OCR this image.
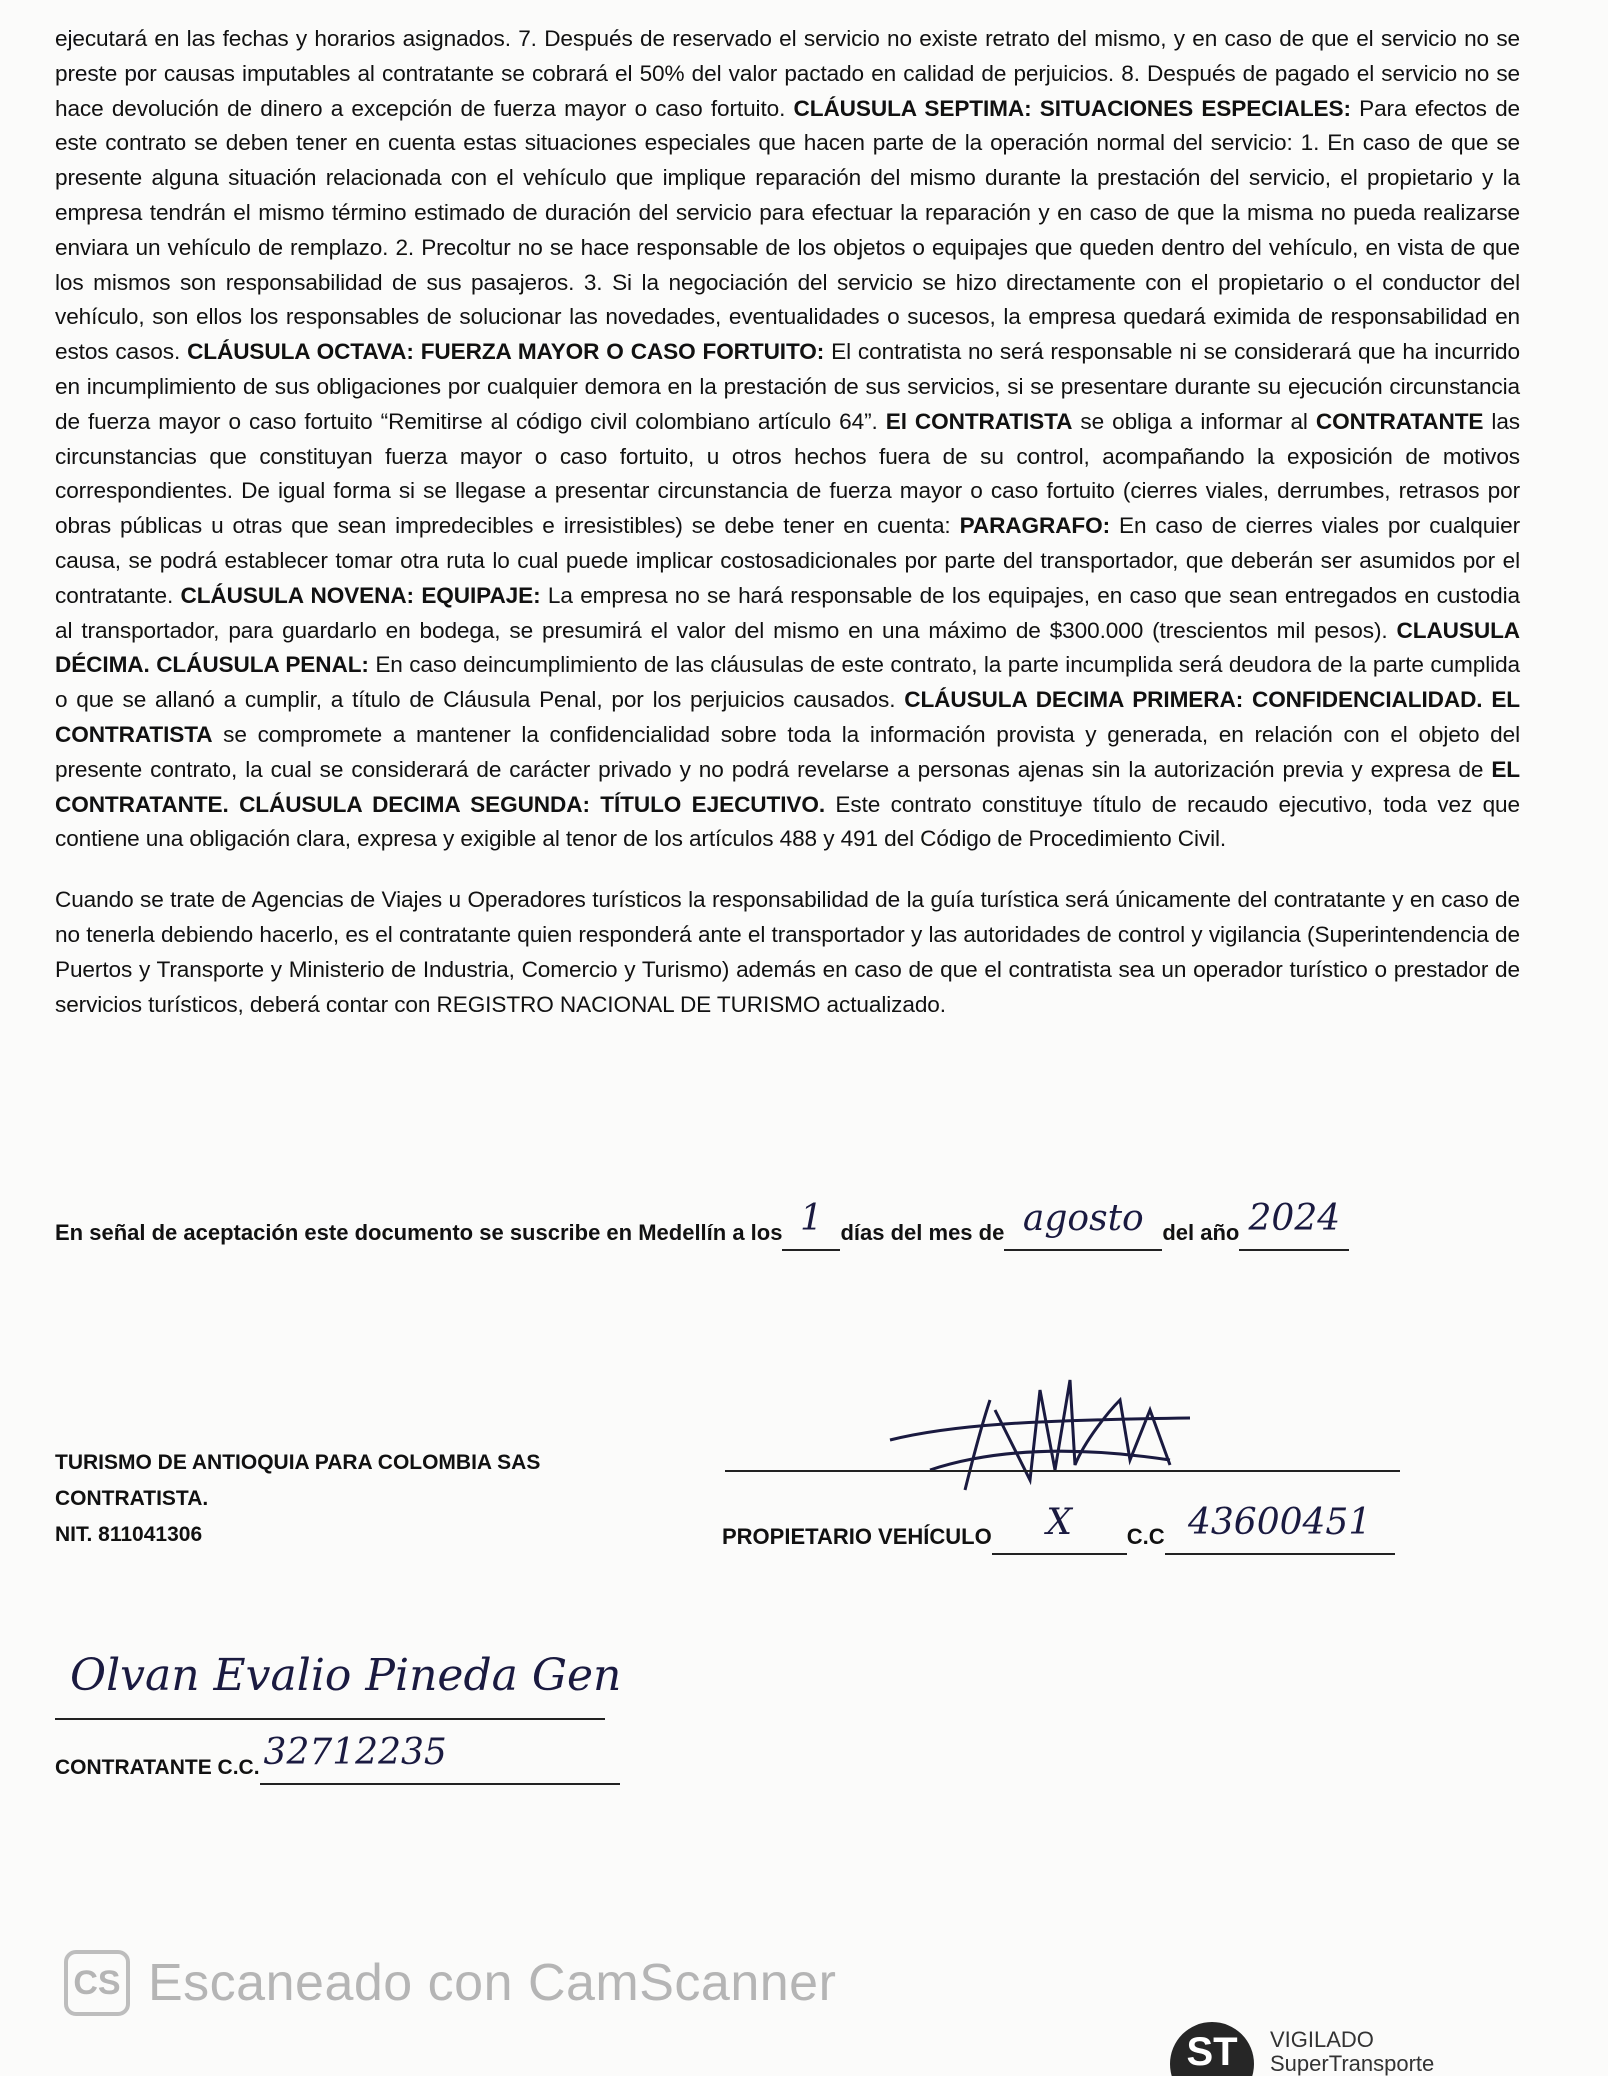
ejecutará en las fechas y horarios asignados. 7. Después de reservado el servicio no existe retrato del mismo, y en caso de que el servicio no se preste por causas imputables al contratante se cobrará el 50% del valor pactado en calidad de perjuicios. 8. Después de pagado el servicio no se hace devolución de dinero a excepción de fuerza mayor o caso fortuito. CLÁUSULA SEPTIMA: SITUACIONES ESPECIALES: Para efectos de este contrato se deben tener en cuenta estas situaciones especiales que hacen parte de la operación normal del servicio: 1. En caso de que se presente alguna situación relacionada con el vehículo que implique reparación del mismo durante la prestación del servicio, el propietario y la empresa tendrán el mismo término estimado de duración del servicio para efectuar la reparación y en caso de que la misma no pueda realizarse enviara un vehículo de remplazo. 2. Precoltur no se hace responsable de los objetos o equipajes que queden dentro del vehículo, en vista de que los mismos son responsabilidad de sus pasajeros. 3. Si la negociación del servicio se hizo directamente con el propietario o el conductor del vehículo, son ellos los responsables de solucionar las novedades, eventualidades o sucesos, la empresa quedará eximida de responsabilidad en estos casos. CLÁUSULA OCTAVA: FUERZA MAYOR O CASO FORTUITO: El contratista no será responsable ni se considerará que ha incurrido en incumplimiento de sus obligaciones por cualquier demora en la prestación de sus servicios, si se presentare durante su ejecución circunstancia de fuerza mayor o caso fortuito “Remitirse al código civil colombiano artículo 64”. El CONTRATISTA se obliga a informar al CONTRATANTE las circunstancias que constituyan fuerza mayor o caso fortuito, u otros hechos fuera de su control, acompañando la exposición de motivos correspondientes. De igual forma si se llegase a presentar circunstancia de fuerza mayor o caso fortuito (cierres viales, derrumbes, retrasos por obras públicas u otras que sean impredecibles e irresistibles) se debe tener en cuenta: PARAGRAFO: En caso de cierres viales por cualquier causa, se podrá establecer tomar otra ruta lo cual puede implicar costosadicionales por parte del transportador, que deberán ser asumidos por el contratante. CLÁUSULA NOVENA: EQUIPAJE: La empresa no se hará responsable de los equipajes, en caso que sean entregados en custodia al transportador, para guardarlo en bodega, se presumirá el valor del mismo en una máximo de $300.000 (trescientos mil pesos). CLAUSULA DÉCIMA. CLÁUSULA PENAL: En caso deincumplimiento de las cláusulas de este contrato, la parte incumplida será deudora de la parte cumplida o que se allanó a cumplir, a título de Cláusula Penal, por los perjuicios causados. CLÁUSULA DECIMA PRIMERA: CONFIDENCIALIDAD. EL CONTRATISTA se compromete a mantener la confidencialidad sobre toda la información provista y generada, en relación con el objeto del presente contrato, la cual se considerará de carácter privado y no podrá revelarse a personas ajenas sin la autorización previa y expresa de EL CONTRATANTE. CLÁUSULA DECIMA SEGUNDA: TÍTULO EJECUTIVO. Este contrato constituye título de recaudo ejecutivo, toda vez que contiene una obligación clara, expresa y exigible al tenor de los artículos 488 y 491 del Código de Procedimiento Civil.

Cuando se trate de Agencias de Viajes u Operadores turísticos la responsabilidad de la guía turística será únicamente del contratante y en caso de no tenerla debiendo hacerlo, es el contratante quien responderá ante el transportador y las autoridades de control y vigilancia (Superintendencia de Puertos y Transporte y Ministerio de Industria, Comercio y Turismo) además en caso de que el contratista sea un operador turístico o prestador de servicios turísticos, deberá contar con REGISTRO NACIONAL DE TURISMO actualizado.

En señal de aceptación este documento se suscribe en Medellín a los 1 días del mes de agosto del año 2024
TURISMO DE ANTIOQUIA PARA COLOMBIA SAS
CONTRATISTA.
NIT. 811041306	PROPIETARIO VEHÍCULO X C.C 43600451
Olvan Evalio Pineda Gen
CONTRATANTE C.C. 32712235
CS Escaneado con CamScanner
ST	VIGILADO
SuperTransporte
